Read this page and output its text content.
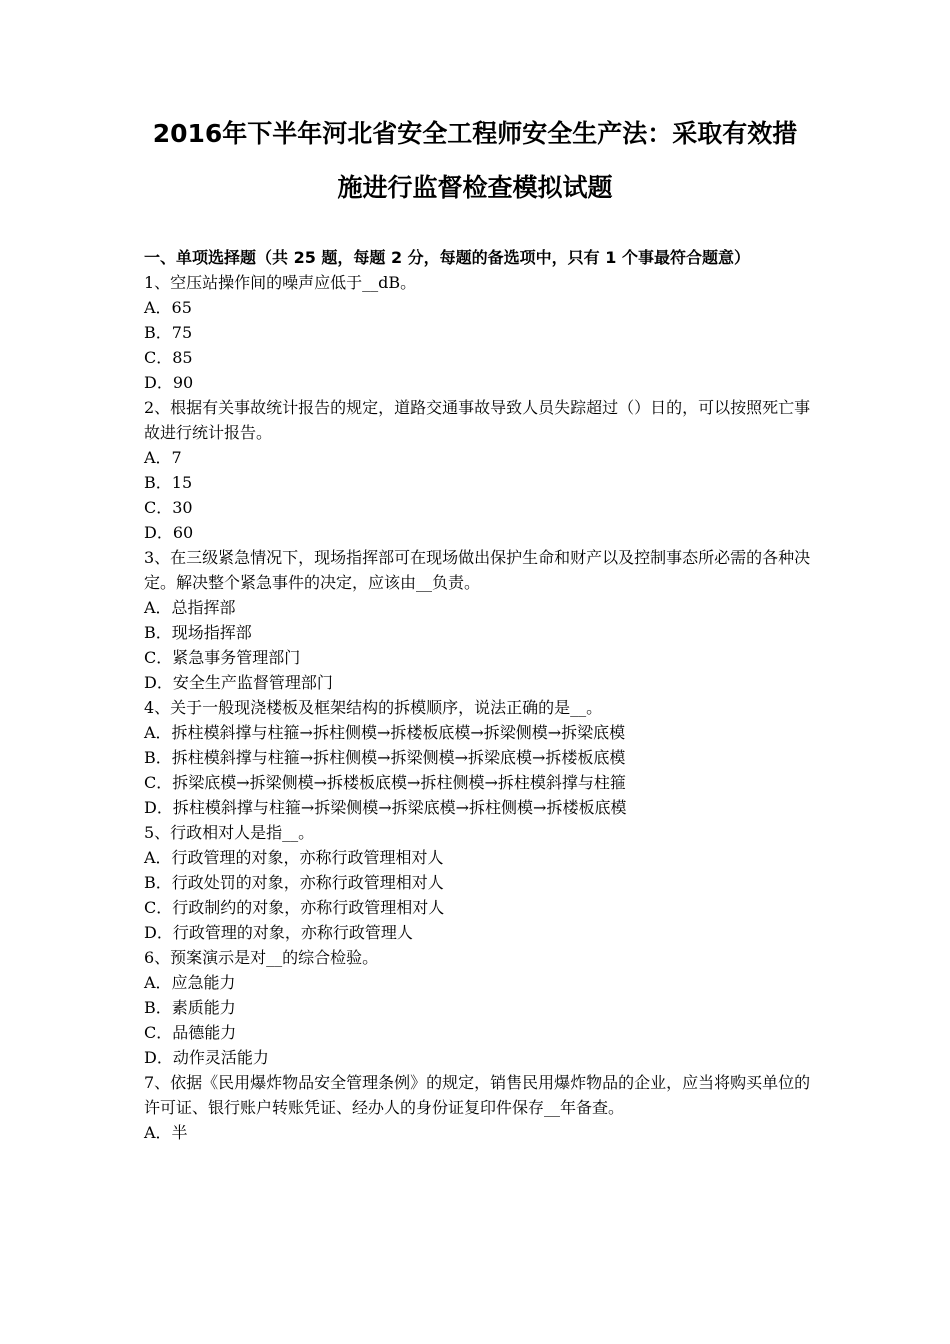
2016年下半年河北省安全工程师安全生产法：采取有效措
施进行监督检查模拟试题

一、单项选择题（共 25 题，每题 2 分，每题的备选项中，只有 1 个事最符合题意）

1、空压站操作间的噪声应低于__dB。
A．65
B．75
C．85
D．90
2、根据有关事故统计报告的规定，道路交通事故导致人员失踪超过（）日的，可以按照死亡事故进行统计报告。
A．7
B．15
C．30
D．60
3、在三级紧急情况下，现场指挥部可在现场做出保护生命和财产以及控制事态所必需的各种决定。解决整个紧急事件的决定，应该由__负责。
A．总指挥部
B．现场指挥部
C．紧急事务管理部门
D．安全生产监督管理部门
4、关于一般现浇楼板及框架结构的拆模顺序，说法正确的是__。
A．拆柱模斜撑与柱箍→拆柱侧模→拆楼板底模→拆梁侧模→拆梁底模
B．拆柱模斜撑与柱箍→拆柱侧模→拆梁侧模→拆梁底模→拆楼板底模
C．拆梁底模→拆梁侧模→拆楼板底模→拆柱侧模→拆柱模斜撑与柱箍
D．拆柱模斜撑与柱箍→拆梁侧模→拆梁底模→拆柱侧模→拆楼板底模
5、行政相对人是指__。
A．行政管理的对象，亦称行政管理相对人
B．行政处罚的对象，亦称行政管理相对人
C．行政制约的对象，亦称行政管理相对人
D．行政管理的对象，亦称行政管理人
6、预案演示是对__的综合检验。
A．应急能力
B．素质能力
C．品德能力
D．动作灵活能力
7、依据《民用爆炸物品安全管理条例》的规定，销售民用爆炸物品的企业，应当将购买单位的许可证、银行账户转账凭证、经办人的身份证复印件保存__年备查。
A．半
